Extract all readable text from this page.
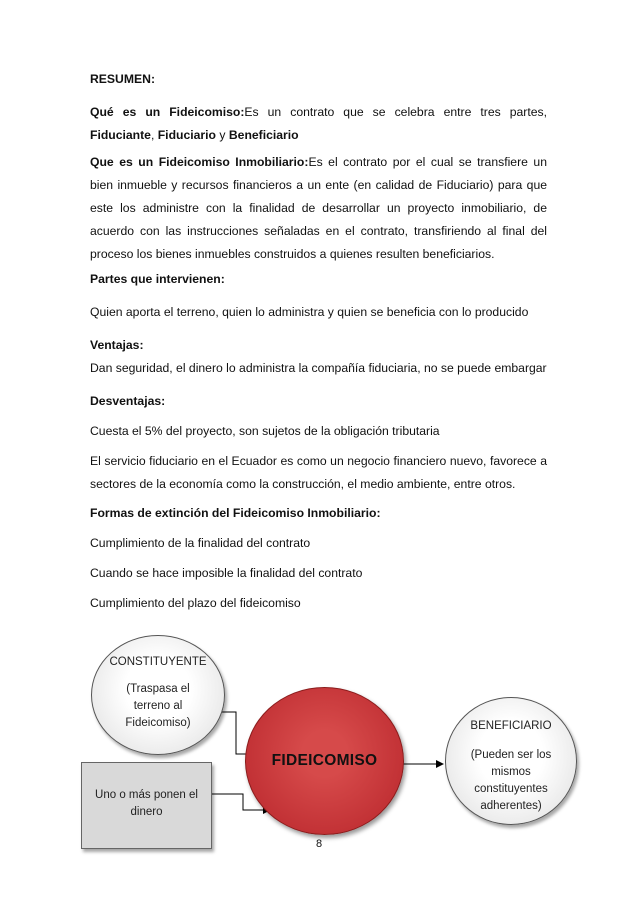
RESUMEN:
Qué es un Fideicomiso:Es un contrato que se celebra entre tres partes, Fiduciante, Fiduciario y Beneficiario
Que es un Fideicomiso Inmobiliario:Es el contrato por el cual se transfiere un bien inmueble y recursos financieros a un ente (en calidad de Fiduciario) para que este los administre con la finalidad de desarrollar un proyecto inmobiliario, de acuerdo con las instrucciones señaladas en el contrato, transfiriendo al final del proceso los bienes inmuebles construidos a quienes resulten beneficiarios.
Partes que intervienen:
Quien aporta el terreno, quien lo administra y quien se beneficia con lo producido
Ventajas:
Dan seguridad, el dinero lo administra la compañía fiduciaria, no se puede embargar
Desventajas:
Cuesta el 5% del proyecto, son sujetos de la obligación tributaria
El servicio fiduciario en el Ecuador es como un negocio financiero nuevo, favorece a sectores de la economía como la construcción, el medio ambiente, entre otros.
Formas de extinción del Fideicomiso Inmobiliario:
Cumplimiento de la finalidad del contrato
Cuando se hace imposible la finalidad del contrato
Cumplimiento del plazo del fideicomiso
CONSTITUYENTE
(Traspasa el
terreno al
Fideicomiso)
Uno o más ponen el
dinero
FIDEICOMISO
BENEFICIARIO
(Pueden ser los
mismos
constituyentes
adherentes)
8
